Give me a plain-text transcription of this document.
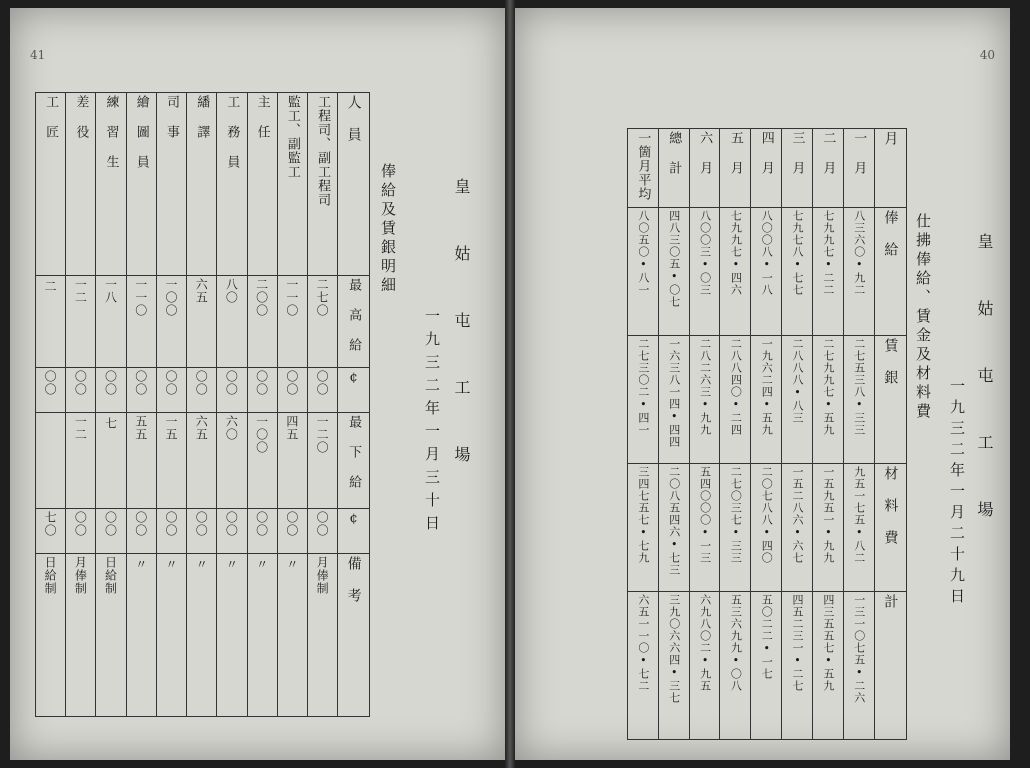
41
皇 姑 屯 工 場
一九三二年一月三十日
俸給及賃銀明細
工 匠	差 役	練 習 生	繪 圖 員	司 事	繙 譯	工 務 員	主 任	監工、副監工	工程司、副工程司	人 員
二	一二	一八	一一〇	一〇〇	六五	八〇	二〇〇	一一〇	二七〇	最 高 給
〇〇	〇〇	〇〇	〇〇	〇〇	〇〇	〇〇	〇〇	〇〇	〇〇	¢
	一二	七	五五	一五	六五	六〇	一〇〇	四五	一二〇	最 下 給
七〇	〇〇	〇〇	〇〇	〇〇	〇〇	〇〇	〇〇	〇〇	〇〇	¢
日給制	月俸制	日給制	〃	〃	〃	〃	〃	〃	月俸制	備 考
40
皇 姑 屯 工 場
一九三二年一月二十九日
仕拂俸給、賃金及材料費
一箇月平均	總 計	六 月	五 月	四 月	三 月	二 月	一 月	月
八〇五〇•八一	四八三〇五•〇七	八〇〇三•〇三	七九九七•四六	八〇〇八•一八	七九七八•七七	七九九七•二二	八三六〇•九二	俸 給
二七三〇二•四一	一六三八一四•四四	二八二六三•九九	二八八四〇•二四	一九六二四•五九	二八八八•八三	二七九九七•五九	二七五三八•三三	賃 銀
三四七五七•七九	二〇八五四六•七三	五四〇〇〇•一三	二七〇三七•三三	二〇七八八•四〇	一五二八六•六七	一五九五一•九九	九五一七五•八二	材 料 費
六五一一〇•七二	三九〇六六四•三七	六九八〇二•九五	五三六九九•〇八	五〇二二•一七	四五二三一•二七	四三五五七•五九	一三一〇七五•二六	計
